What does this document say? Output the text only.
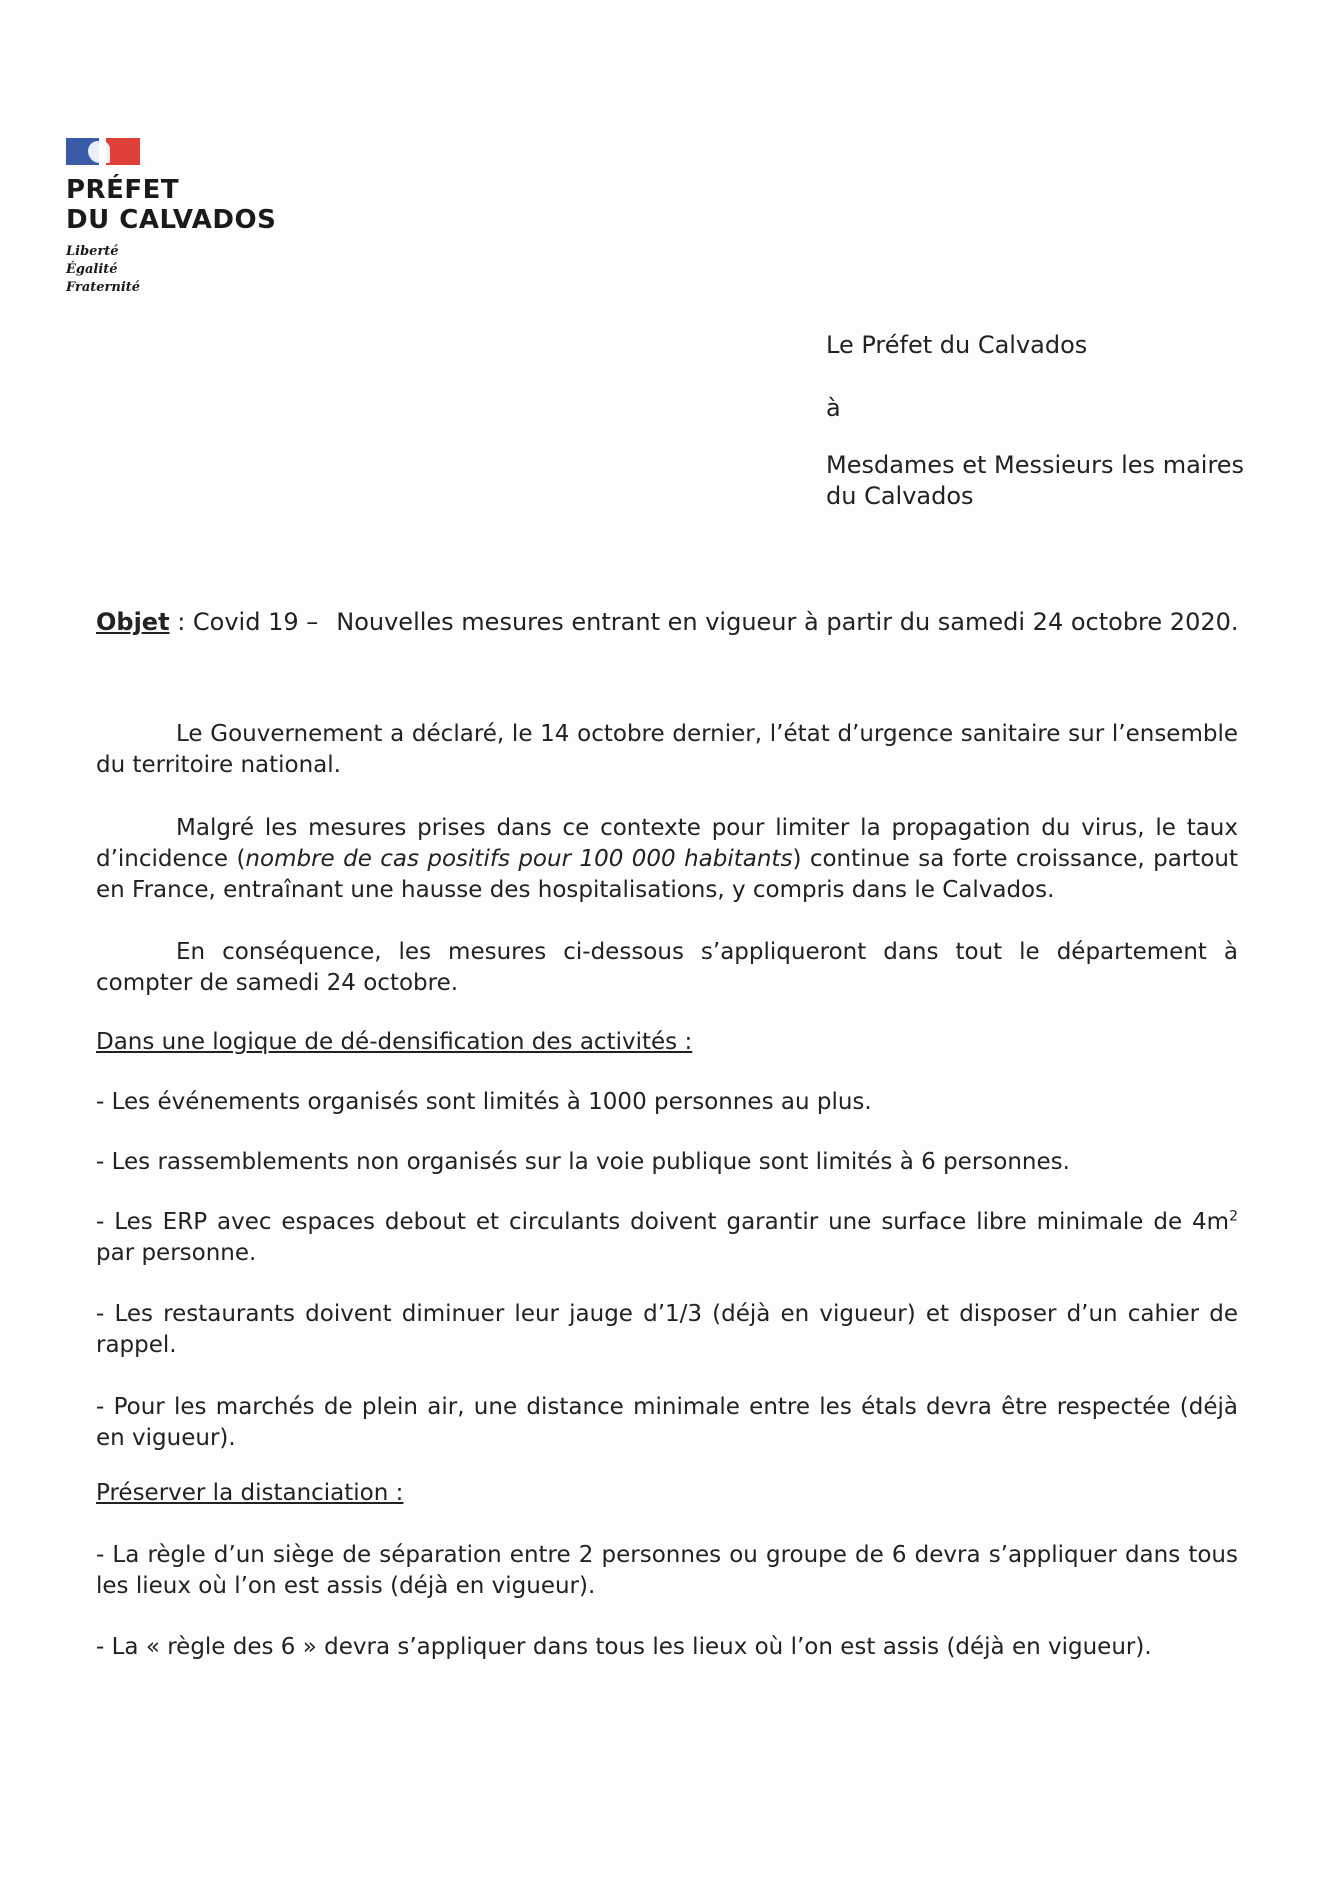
PRÉFET
DU CALVADOS
Liberté
Égalité
Fraternité
Le Préfet du Calvados
à
Mesdames et Messieurs les maires
du Calvados
Objet : Covid 19 – Nouvelles mesures entrant en vigueur à partir du samedi 24 octobre 2020.
Le Gouvernement a déclaré, le 14 octobre dernier, l’état d’urgence sanitaire sur l’ensemble du territoire national.
Malgré les mesures prises dans ce contexte pour limiter la propagation du virus, le taux d’incidence (nombre de cas positifs pour 100 000 habitants) continue sa forte croissance, partout en France, entraînant une hausse des hospitalisations, y compris dans le Calvados.
En conséquence, les mesures ci-dessous s’appliqueront dans tout le département à compter de samedi 24 octobre.
Dans une logique de dé-densification des activités :
- Les événements organisés sont limités à 1000 personnes au plus.
- Les rassemblements non organisés sur la voie publique sont limités à 6 personnes.
- Les ERP avec espaces debout et circulants doivent garantir une surface libre minimale de $4m^2$ par personne.
- Les restaurants doivent diminuer leur jauge d’1/3 (déjà en vigueur) et disposer d’un cahier de rappel.
- Pour les marchés de plein air, une distance minimale entre les étals devra être respectée (déjà en vigueur).
Préserver la distanciation :
- La règle d’un siège de séparation entre 2 personnes ou groupe de 6 devra s’appliquer dans tous les lieux où l’on est assis (déjà en vigueur).
- La « règle des 6 » devra s’appliquer dans tous les lieux où l’on est assis (déjà en vigueur).
